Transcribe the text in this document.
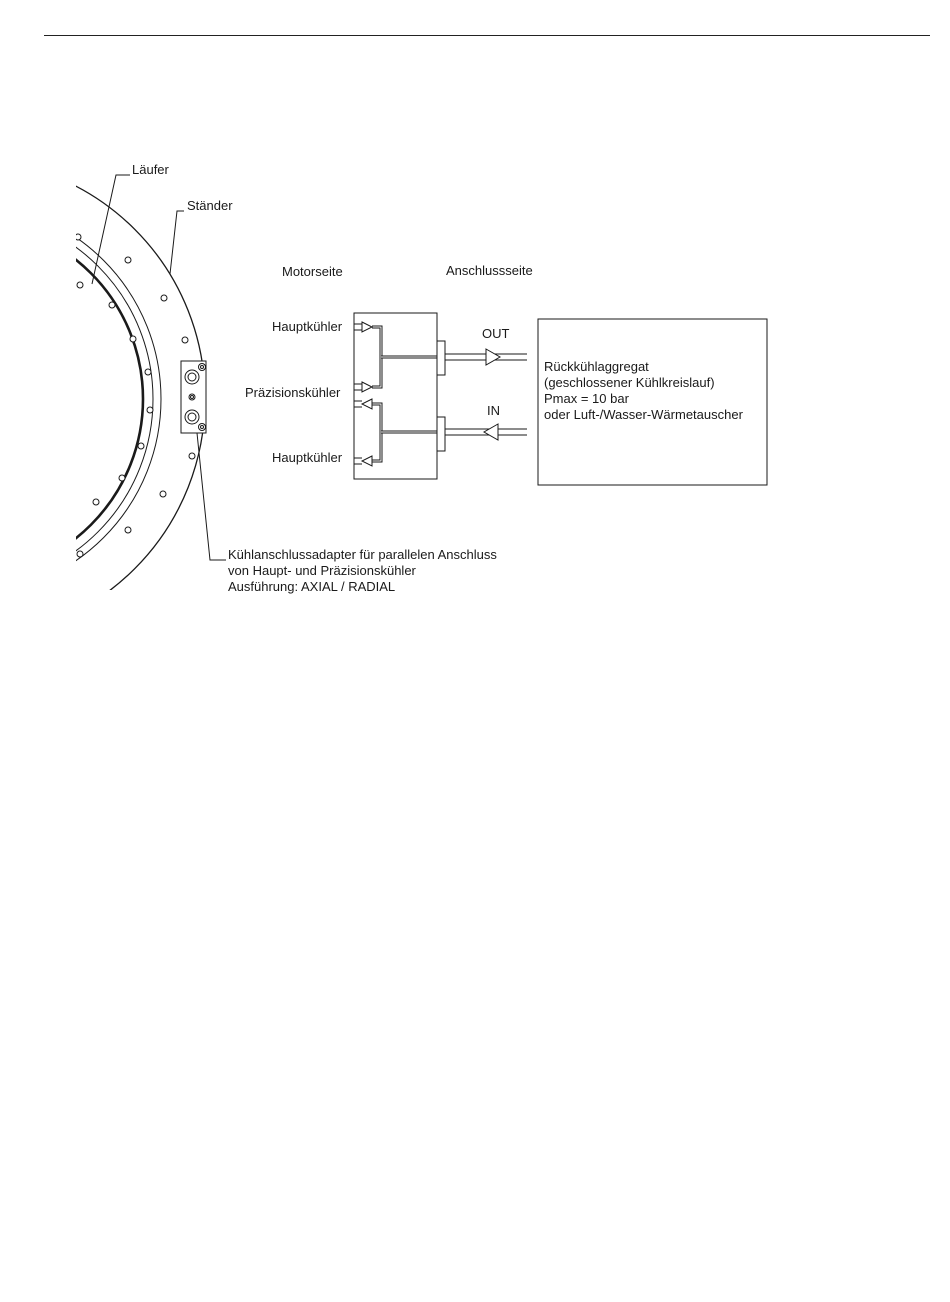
Läufer
Ständer
Motorseite	Anschlussseite
Hauptkühler
Präzisionskühler
Hauptkühler
OUT
IN
Rückkühlaggregat
(geschlossener Kühlkreislauf)
Pmax = 10 bar
oder Luft-/Wasser-Wärmetauscher
Kühlanschlussadapter für parallelen Anschluss
von Haupt- und Präzisionskühler
Ausführung: AXIAL / RADIAL
